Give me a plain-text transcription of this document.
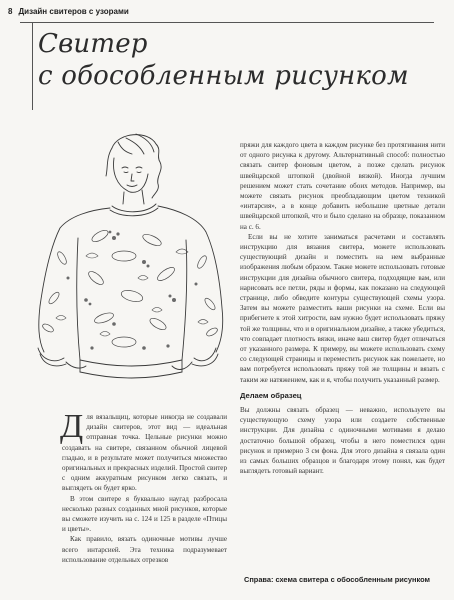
8 Дизайн свитеров с узорами
Свитер
с обособленным рисунком

пряжи для каждого цвета в каждом рисунке без протягивания нити от одного рисунка к другому. Альтернативный способ: полностью связать свитер фоновым цветом, а позже сделать рисунок швейцарской штопкой (двойной вязкой). Иногда лучшим решением может стать сочетание обоих методов. Например, вы можете связать рисунок преобладающим цветом техникой «интарсия», а в конце добавить небольшие цветные детали швейцарской штопкой, что и было сделано на образце, показанном на с. 6.

Если вы не хотите заниматься расчетами и составлять инструкцию для вязания свитера, можете использовать существующий дизайн и поместить на нем выбранные изображения любым образом. Также можете использовать готовые инструкции для дизайна обычного свитера, подходящие вам, или нарисовать все петли, ряды и формы, как показано на следующей странице, либо обведите контуры существующей схемы узора. Затем вы можете разместить ваши рисунки на схеме. Если вы прибегнете к этой хитрости, вам нужно будет использовать пряжу той же толщины, что и в оригинальном дизайне, а также убедиться, что совпадает плотность вязки, иначе ваш свитер будет отличаться от указанного размера. К примеру, вы можете использовать схему со следующей страницы и переместить рисунок как пожелаете, но вам потребуется использовать пряжу той же толщины и вязать с таким же натяжением, как и я, чтобы получить указанный размер.

Делаем образец

Вы должны связать образец — неважно, используете вы существующую схему узора или создаете собственные инструкции. Для дизайна с одиночными мотивами я делаю достаточно большой образец, чтобы в него поместился один рисунок и примерно 3 см фона. Для этого дизайна я связала один из самых больших образцов и благодаря этому понял, как будет выглядеть готовый вариант.

Для вязальщиц, которые никогда не создавали дизайн свитеров, этот вид — идеальная отправная точка. Цельные рисунки можно создавать на свитере, связанном обычной лицевой гладью, и в результате может получиться множество оригинальных и прекрасных изделий. Простой свитер с одним аккуратным рисунком легко связать, и выглядеть он будет ярко.

В этом свитере я буквально наугад разбросала несколько разных созданных мной рисунков, которые вы сможете изучить на с. 124 и 125 в разделе «Птицы и цветы».

Как правило, вязать одиночные мотивы лучше всего интарсией. Эта техника подразумевает использование отдельных отрезков

Справа: схема свитера с обособленным рисунком
